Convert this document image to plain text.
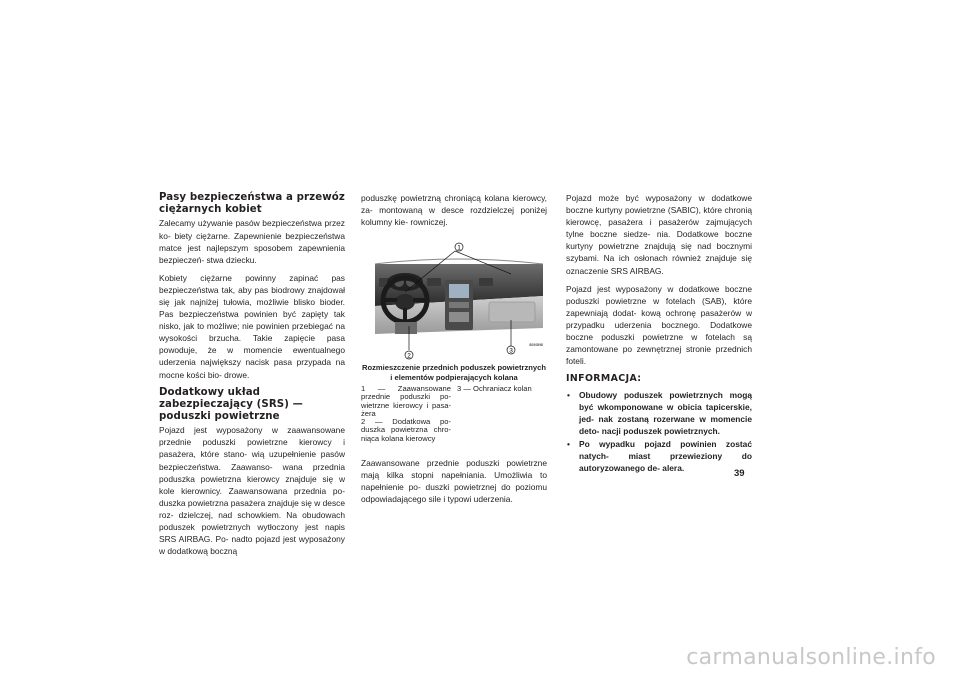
Pasy bezpieczeństwa a przewóz ciężarnych kobiet

Zalecamy używanie pasów bezpieczeństwa przez ko- biety ciężarne. Zapewnienie bezpieczeństwa matce jest najlepszym sposobem zapewnienia bezpieczeń- stwa dziecku.

Kobiety ciężarne powinny zapinać pas bezpieczeństwa tak, aby pas biodrowy znajdował się jak najniżej tułowia, możliwie blisko bioder. Pas bezpieczeństwa powinien być zapięty tak nisko, jak to możliwe; nie powinien przebiegać na wysokości brzucha. Takie zapięcie pasa powoduje, że w momencie ewentualnego uderzenia największy nacisk pasa przypada na mocne kości bio- drowe.

Dodatkowy układ zabezpieczający (SRS) — poduszki powietrzne

Pojazd jest wyposażony w zaawansowane przednie poduszki powietrzne kierowcy i pasażera, które stano- wią uzupełnienie pasów bezpieczeństwa. Zaawanso- wana przednia poduszka powietrzna kierowcy znajduje się w kole kierownicy. Zaawansowana przednia po- duszka powietrzna pasażera znajduje się w desce roz- dzielczej, nad schowkiem. Na obudowach poduszek powietrznych wytłoczony jest napis SRS AIRBAG. Po- nadto pojazd jest wyposażony w dodatkową boczną

poduszkę powietrzną chroniącą kolana kierowcy, za- montowaną w desce rozdzielczej poniżej kolumny kie- rowniczej.

1
2
3
8090898
Rozmieszczenie przednich poduszek powietrznych i elementów podpierających kolana

1 — Zaawansowane przednie poduszki po- wietrzne kierowcy i pasa- żera

2 — Dodatkowa po- duszka powietrzna chro- niąca kolana kierowcy

3 — Ochraniacz kolan

Zaawansowane przednie poduszki powietrzne mają kilka stopni napełniania. Umożliwia to napełnienie po- duszki powietrznej do poziomu odpowiadającego sile i typowi uderzenia.

Pojazd może być wyposażony w dodatkowe boczne kurtyny powietrzne (SABIC), które chronią kierowcę, pasażera i pasażerów zajmujących tylne boczne siedze- nia. Dodatkowe boczne kurtyny powietrzne znajdują się nad bocznymi szybami. Na ich osłonach również znajduje się oznaczenie SRS AIRBAG.

Pojazd jest wyposażony w dodatkowe boczne poduszki powietrzne w fotelach (SAB), które zapewniają dodat- kową ochronę pasażerów w przypadku uderzenia bocznego. Dodatkowe boczne poduszki powietrzne w fotelach są zamontowane po zewnętrznej stronie przednich foteli.

INFORMACJA:
• Obudowy poduszek powietrznych mogą być wkomponowane w obicia tapicerskie, jed- nak zostaną rozerwane w momencie deto- nacji poduszek powietrznych.
• Po wypadku pojazd powinien zostać natych- miast przewieziony do autoryzowanego de- alera.	39
carmanualsonline.info
